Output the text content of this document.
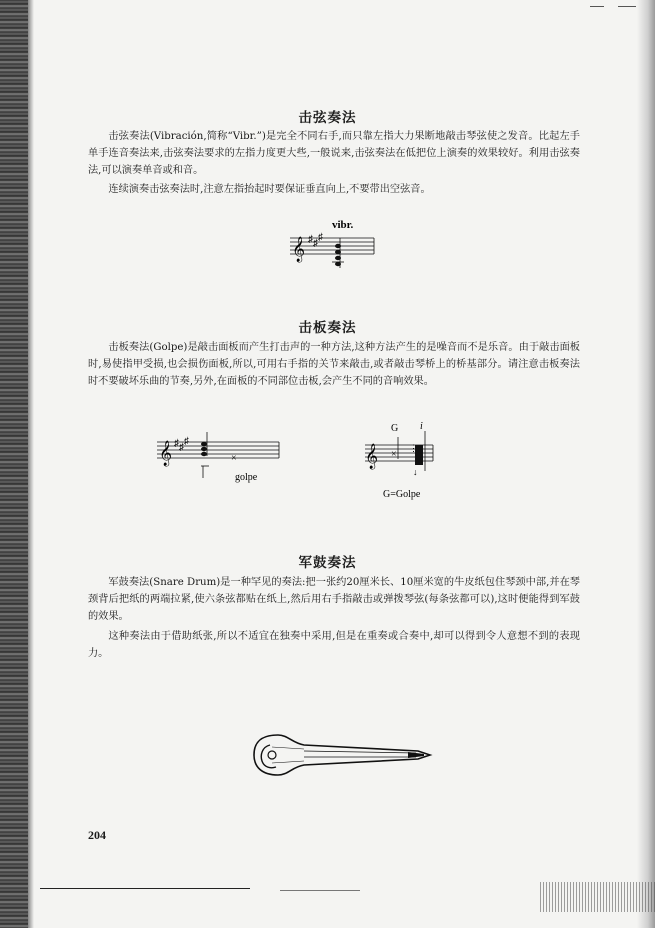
击弦奏法

击弦奏法(Vibración,简称“Vibr.”)是完全不同右手,而只靠左指大力果断地敲击琴弦使之发音。比起左手单手连音奏法来,击弦奏法要求的左指力度更大些,一般说来,击弦奏法在低把位上演奏的效果较好。利用击弦奏法,可以演奏单音或和音。

连续演奏击弦奏法时,注意左指抬起时要保证垂直向上,不要带出空弦音。

𝄞 ♯ ♯
♯
vibr.
击板奏法

击板奏法(Golpe)是敲击面板而产生打击声的一种方法,这种方法产生的是噪音而不是乐音。由于敲击面板时,易使指甲受损,也会损伤面板,所以,可用右手指的关节来敲击,或者敲击琴桥上的桥基部分。请注意击板奏法时不要破坏乐曲的节奏,另外,在面板的不同部位击板,会产生不同的音响效果。

𝄞 ♯ ♯
♯
×
golpe
𝄞 ×
⋮
↓
G i
G=Golpe
军鼓奏法

军鼓奏法(Snare Drum)是一种罕见的奏法:把一张约20厘米长、10厘米宽的牛皮纸包住琴颈中部,并在琴颈背后把纸的两端拉紧,使六条弦都贴在纸上,然后用右手指敲击或弹拨琴弦(每条弦都可以),这时便能得到军鼓的效果。

这种奏法由于借助纸张,所以不适宜在独奏中采用,但是在重奏或合奏中,却可以得到令人意想不到的表现力。

204
